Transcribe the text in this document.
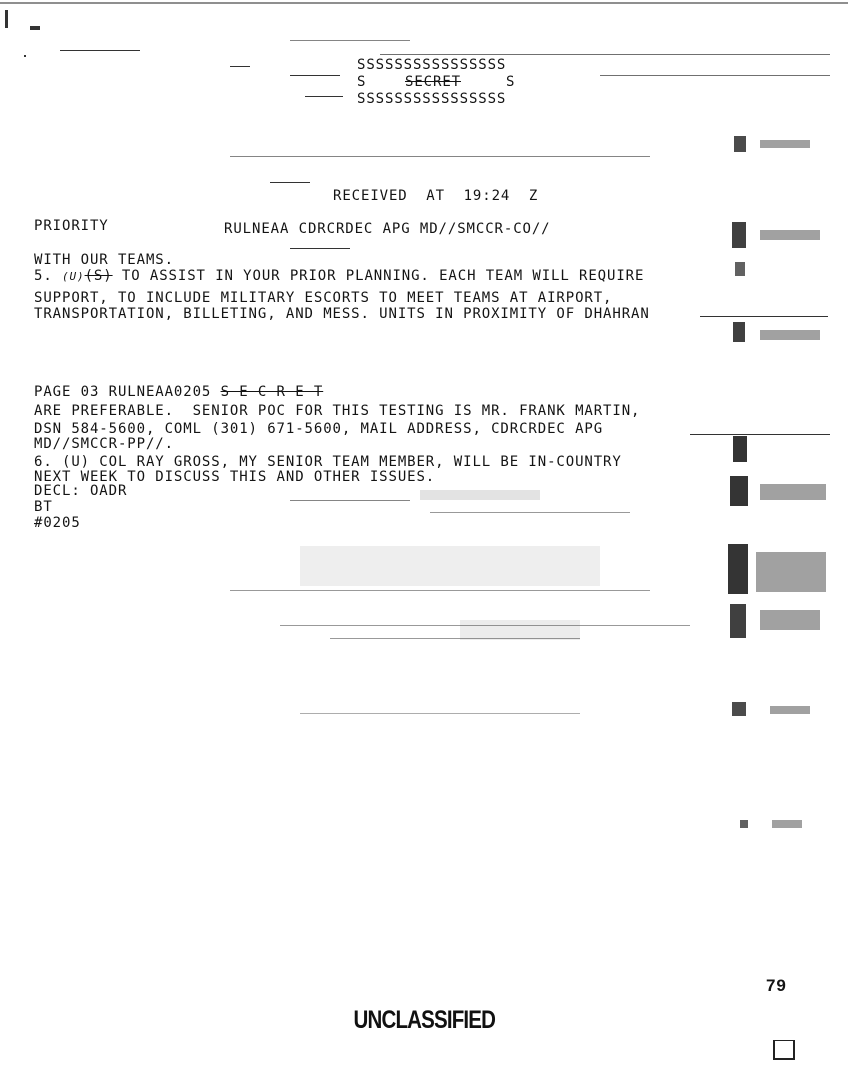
SSSSSSSSSSSSSSSS
S	SECRET	S
SSSSSSSSSSSSSSSS
RECEIVED  AT  19:24  Z
PRIORITY	RULNEAA CDRCRDEC APG MD//SMCCR-CO//
WITH OUR TEAMS.
5. (U)(S) TO ASSIST IN YOUR PRIOR PLANNING. EACH TEAM WILL REQUIRE
SUPPORT, TO INCLUDE MILITARY ESCORTS TO MEET TEAMS AT AIRPORT,
TRANSPORTATION, BILLETING, AND MESS. UNITS IN PROXIMITY OF DHAHRAN
PAGE 03 RULNEAA0205 S E C R E T
ARE PREFERABLE.  SENIOR POC FOR THIS TESTING IS MR. FRANK MARTIN,
DSN 584-5600, COML (301) 671-5600, MAIL ADDRESS, CDRCRDEC APG
MD//SMCCR-PP//.
6. (U) COL RAY GROSS, MY SENIOR TEAM MEMBER, WILL BE IN-COUNTRY
NEXT WEEK TO DISCUSS THIS AND OTHER ISSUES.
DECL: OADR
BT
#0205
UNCLASSIFIED
79
